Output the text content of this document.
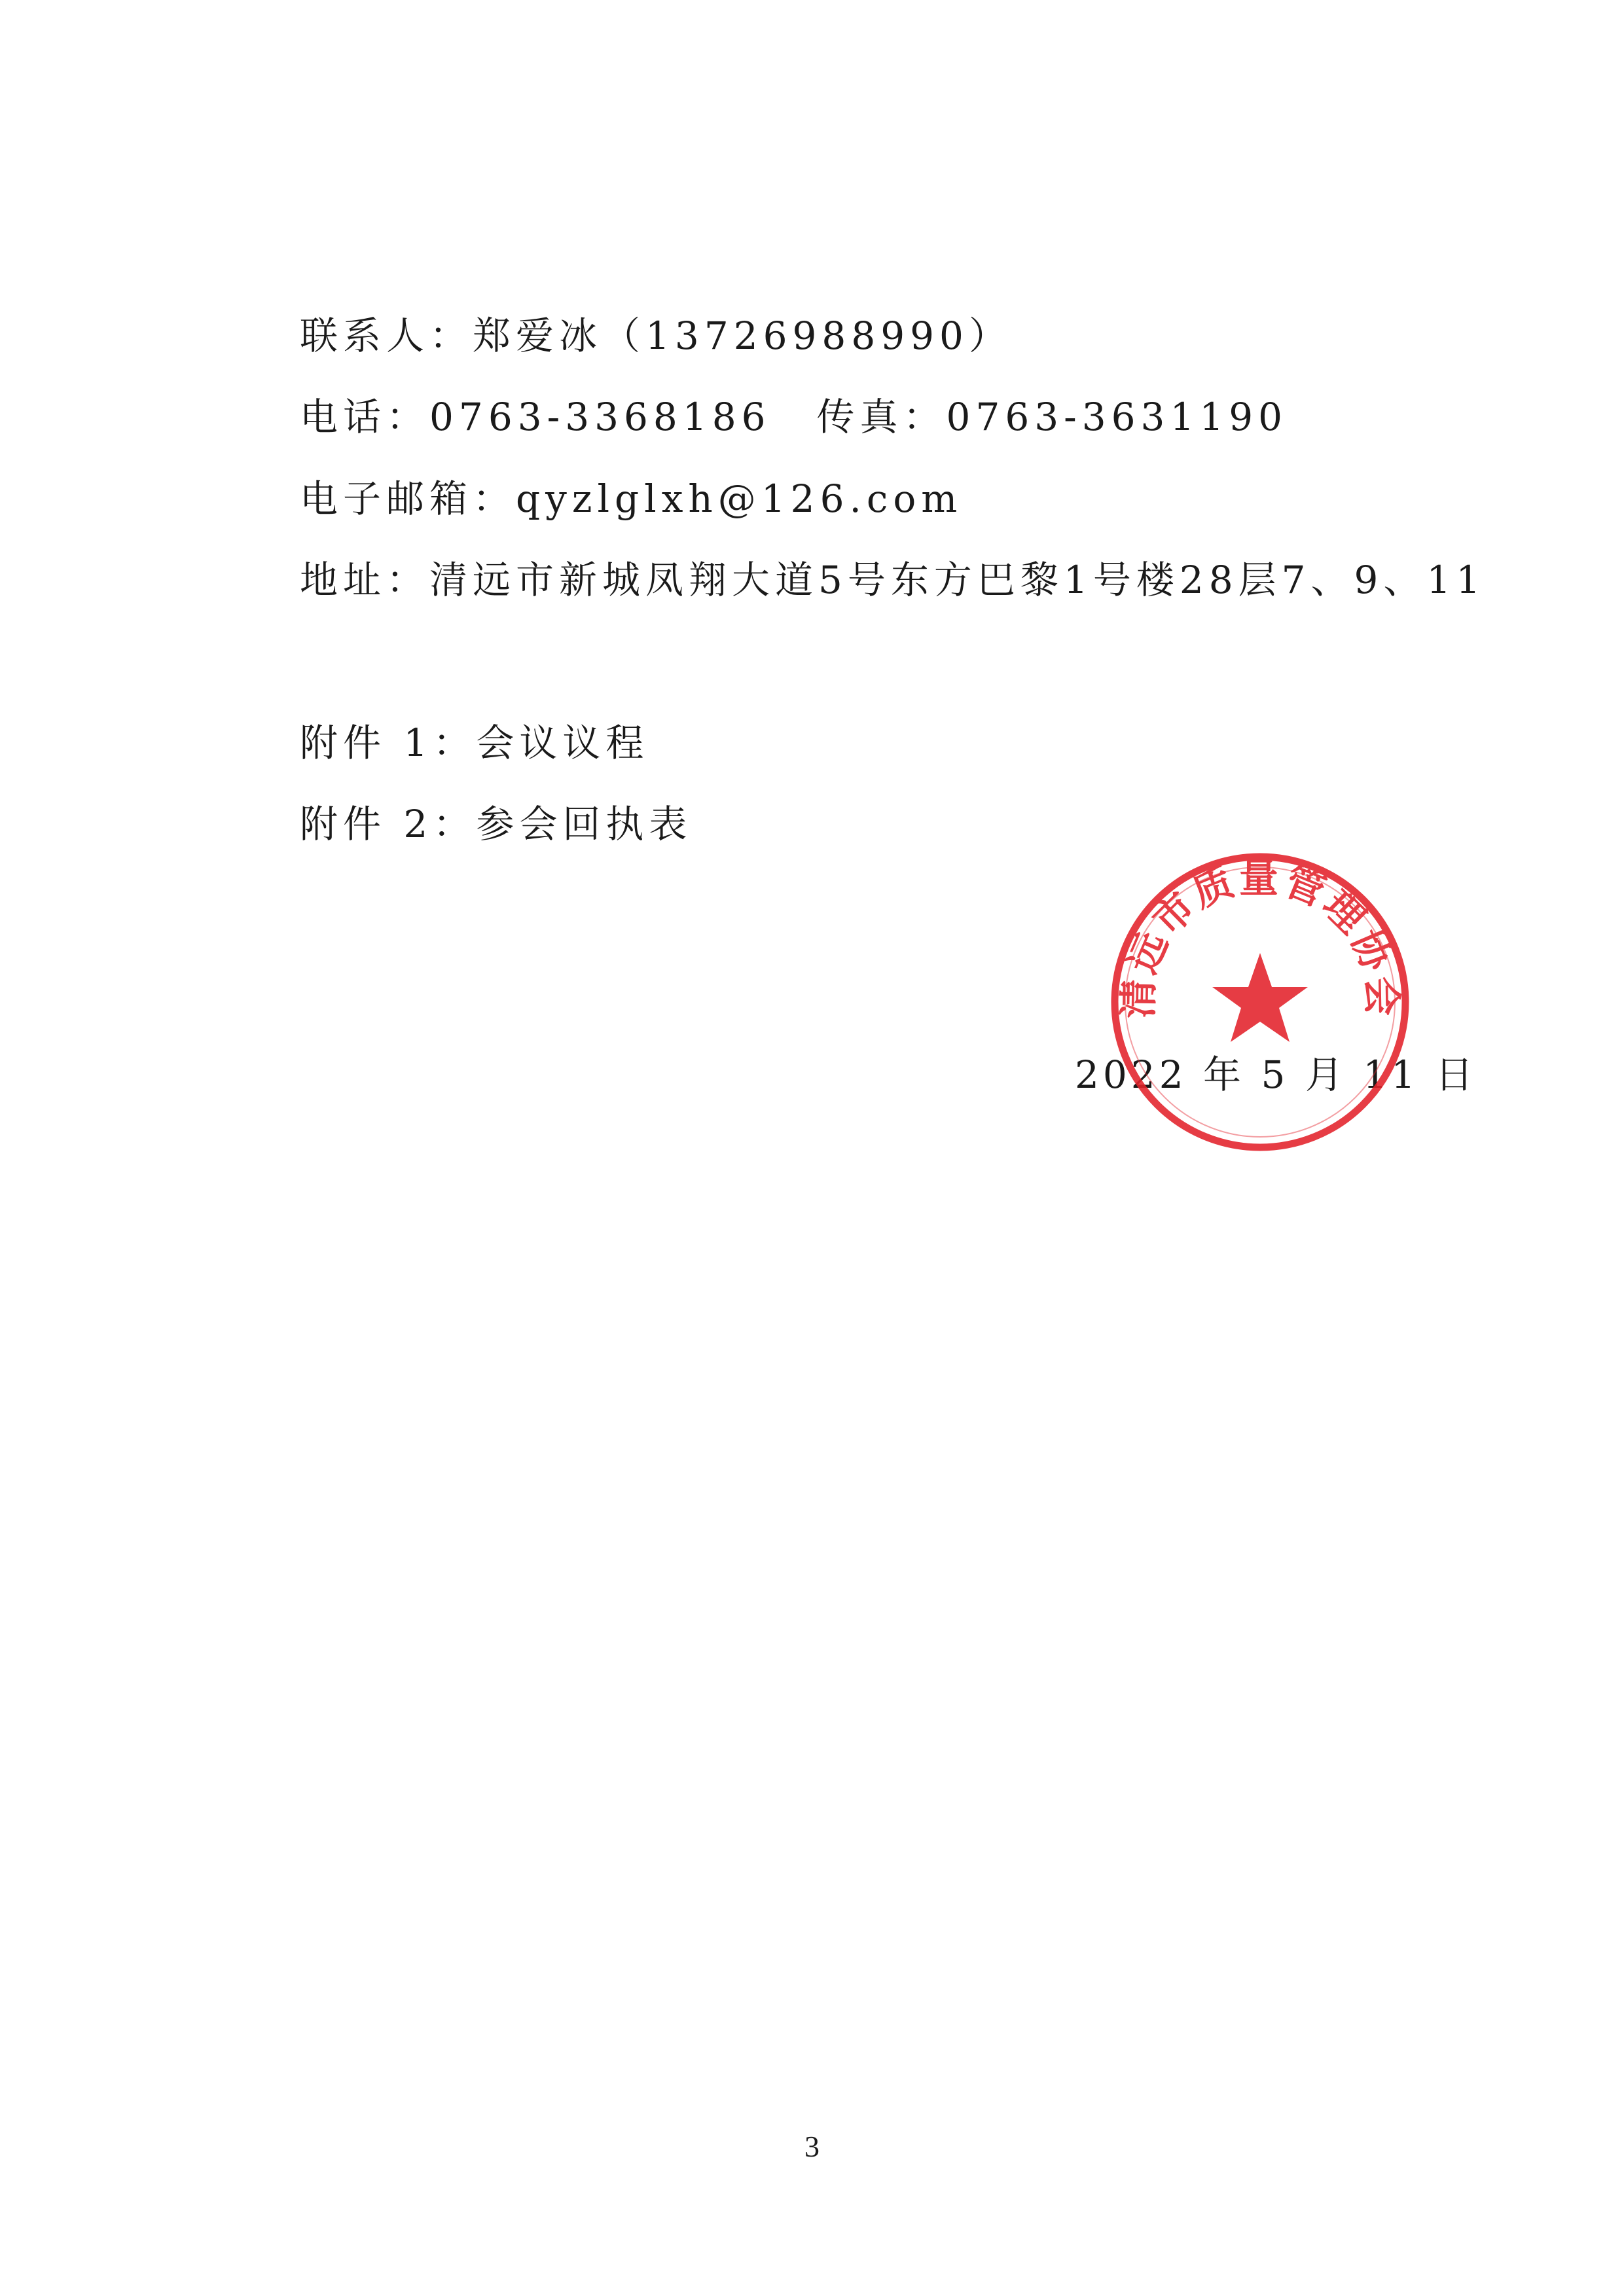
联系人：郑爱冰（13726988990）
电话：0763-3368186 传真：0763-3631190
电子邮箱：qyzlglxh@126.com
地址：清远市新城凤翔大道5号东方巴黎1号楼28层7、9、11
附件 1：会议议程
附件 2：参会回执表
2022 年 5 月 11 日
清远市质量管理协会
3
